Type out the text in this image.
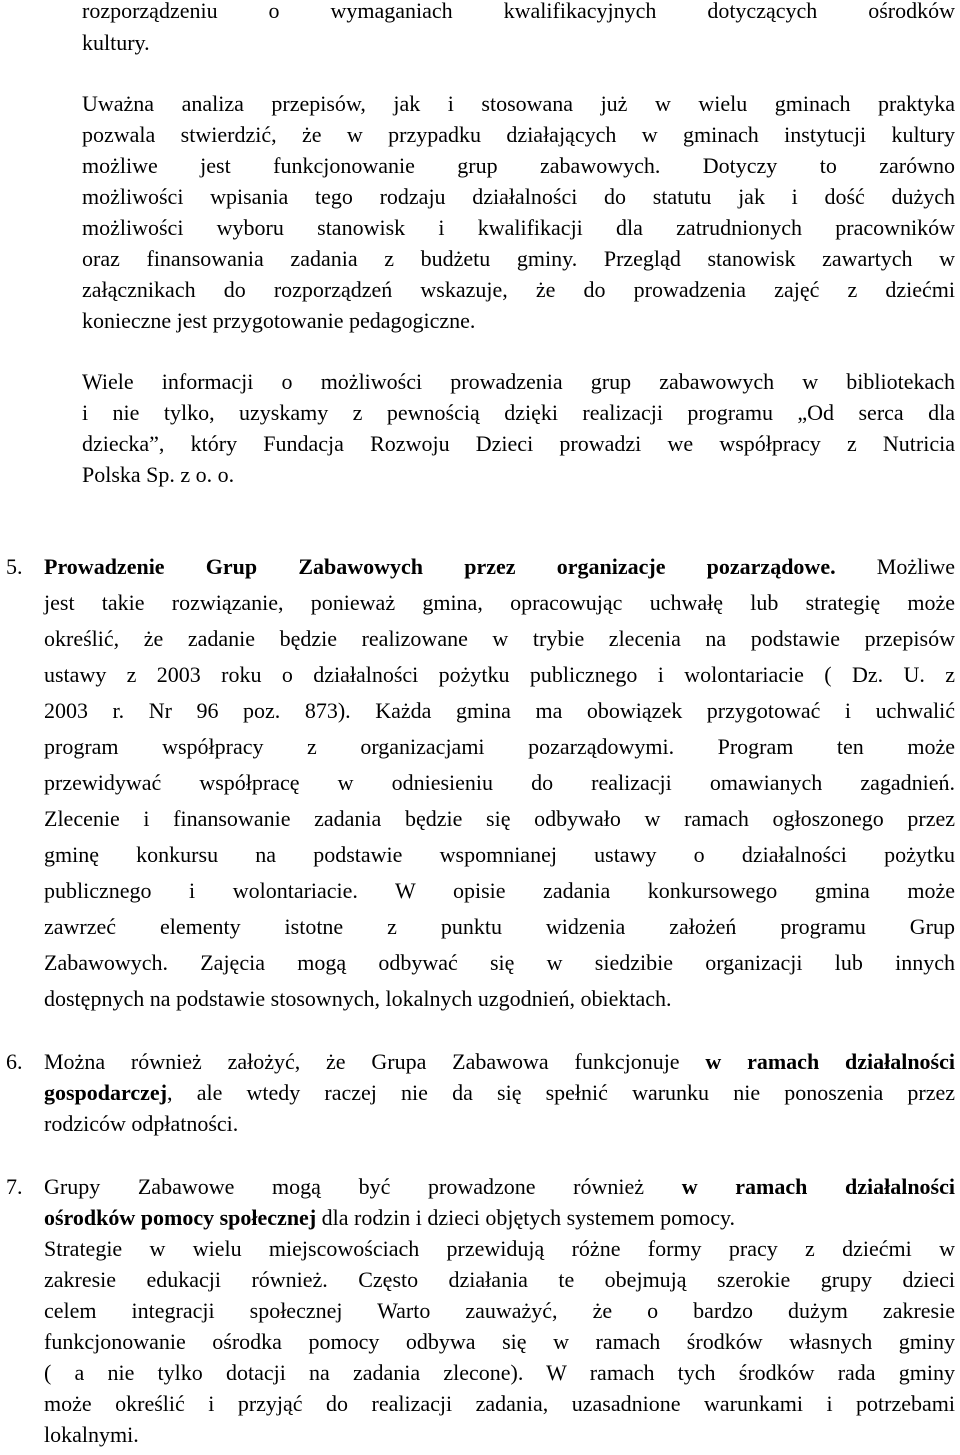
rozporządzeniu o wymaganiach kwalifikacyjnych dotyczących ośrodków
kultury.
Uważna analiza przepisów, jak i stosowana już w wielu gminach praktyka
pozwala stwierdzić, że w przypadku działających w gminach instytucji kultury
możliwe jest funkcjonowanie grup zabawowych. Dotyczy to zarówno
możliwości wpisania tego rodzaju działalności do statutu jak i dość dużych
możliwości wyboru stanowisk i kwalifikacji dla zatrudnionych pracowników
oraz finansowania zadania z budżetu gminy. Przegląd stanowisk zawartych w
załącznikach do rozporządzeń wskazuje, że do prowadzenia zajęć z dziećmi
konieczne jest przygotowanie pedagogiczne.
Wiele informacji o możliwości prowadzenia grup zabawowych w bibliotekach
i nie tylko, uzyskamy z pewnością dzięki realizacji programu „Od serca dla
dziecka”, który Fundacja Rozwoju Dzieci prowadzi we współpracy z Nutricia
Polska Sp. z o. o.
5. Prowadzenie Grup Zabawowych przez organizacje pozarządowe. Możliwe
jest takie rozwiązanie, ponieważ gmina, opracowując uchwałę lub strategię może
określić, że zadanie będzie realizowane w trybie zlecenia na podstawie przepisów
ustawy z 2003 roku o działalności pożytku publicznego i wolontariacie ( Dz. U. z
2003 r. Nr 96 poz. 873). Każda gmina ma obowiązek przygotować i uchwalić
program współpracy z organizacjami pozarządowymi. Program ten może
przewidywać współpracę w odniesieniu do realizacji omawianych zagadnień.
Zlecenie i finansowanie zadania będzie się odbywało w ramach ogłoszonego przez
gminę konkursu na podstawie wspomnianej ustawy o działalności pożytku
publicznego i wolontariacie. W opisie zadania konkursowego gmina może
zawrzeć elementy istotne z punktu widzenia założeń programu Grup
Zabawowych. Zajęcia mogą odbywać się w siedzibie organizacji lub innych
dostępnych na podstawie stosownych, lokalnych uzgodnień, obiektach.
6. Można również założyć, że Grupa Zabawowa funkcjonuje w ramach działalności
gospodarczej, ale wtedy raczej nie da się spełnić warunku nie ponoszenia przez
rodziców odpłatności.
7. Grupy Zabawowe mogą być prowadzone również w ramach działalności
ośrodków pomocy społecznej dla rodzin i dzieci objętych systemem pomocy.
Strategie w wielu miejscowościach przewidują różne formy pracy z dziećmi w
zakresie edukacji również. Często działania te obejmują szerokie grupy dzieci
celem integracji społecznej Warto zauważyć, że o bardzo dużym zakresie
funkcjonowanie ośrodka pomocy odbywa się w ramach środków własnych gminy
( a nie tylko dotacji na zadania zlecone). W ramach tych środków rada gminy
może określić i przyjąć do realizacji zadania, uzasadnione warunkami i potrzebami
lokalnymi.
